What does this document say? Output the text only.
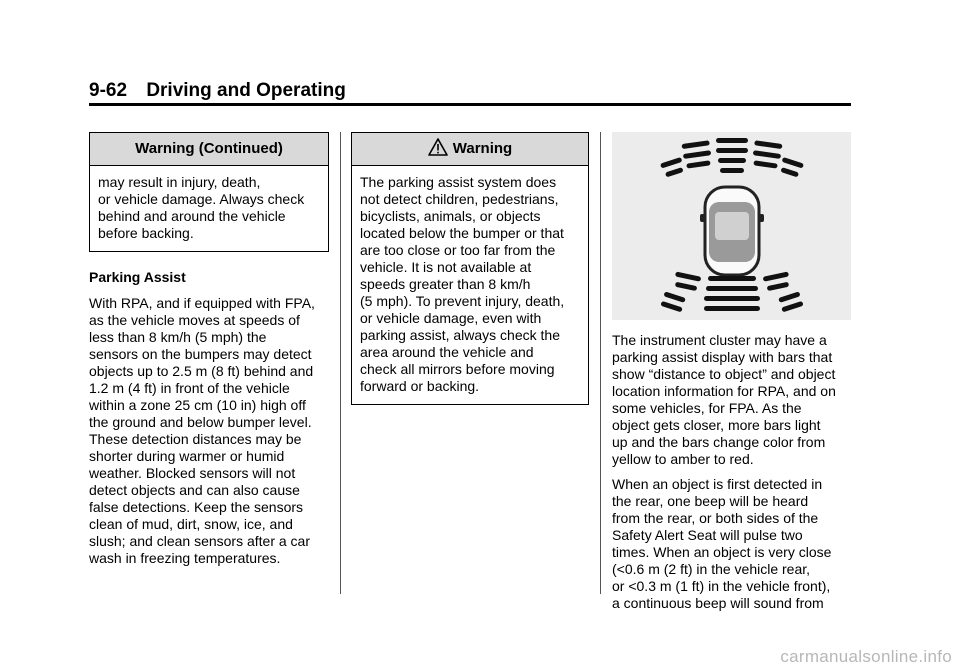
9-62 Driving and Operating
Warning (Continued)
may result in injury, death,
or vehicle damage. Always check
behind and around the vehicle
before backing.

Parking Assist

With RPA, and if equipped with FPA,
as the vehicle moves at speeds of
less than 8 km/h (5 mph) the
sensors on the bumpers may detect
objects up to 2.5 m (8 ft) behind and
1.2 m (4 ft) in front of the vehicle
within a zone 25 cm (10 in) high off
the ground and below bumper level.
These detection distances may be
shorter during warmer or humid
weather. Blocked sensors will not
detect objects and can also cause
false detections. Keep the sensors
clean of mud, dirt, snow, ice, and
slush; and clean sensors after a car
wash in freezing temperatures.

Warning
The parking assist system does
not detect children, pedestrians,
bicyclists, animals, or objects
located below the bumper or that
are too close or too far from the
vehicle. It is not available at
speeds greater than 8 km/h
(5 mph). To prevent injury, death,
or vehicle damage, even with
parking assist, always check the
area around the vehicle and
check all mirrors before moving
forward or backing.

The instrument cluster may have a
parking assist display with bars that
show “distance to object” and object
location information for RPA, and on
some vehicles, for FPA. As the
object gets closer, more bars light
up and the bars change color from
yellow to amber to red.

When an object is first detected in
the rear, one beep will be heard
from the rear, or both sides of the
Safety Alert Seat will pulse two
times. When an object is very close
(<0.6 m (2 ft) in the vehicle rear,
or <0.3 m (1 ft) in the vehicle front),
a continuous beep will sound from

carmanualsonline.info
